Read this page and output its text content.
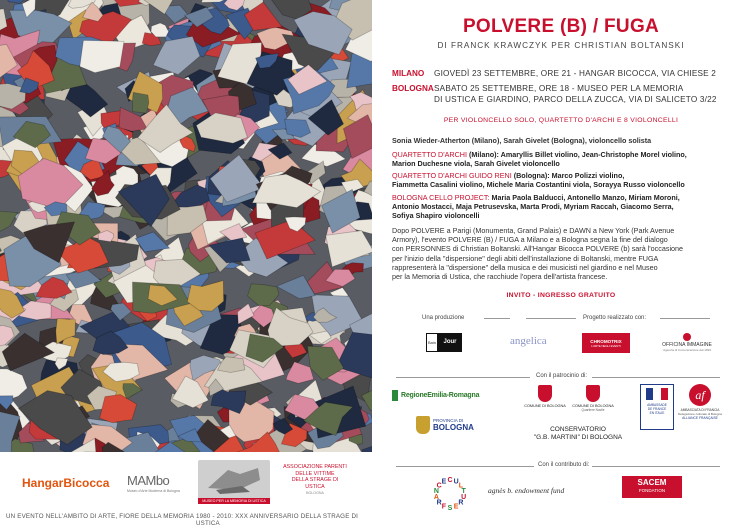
HangarBicocca MAMbo
Museo d'Arte Moderna di Bologna
MUSEO PER LA MEMORIA DI USTICA
ASSOCIAZIONE PARENTI
DELLE VITTIME
DELLA STRAGE DI USTICA
BOLOGNA
UN EVENTO NELL'AMBITO DI ARTE, FIORE DELLA MEMORIA 1980 - 2010: XXX ANNIVERSARIO DELLA STRAGE DI USTICA
POLVERE (B) / FUGA
DI FRANCK KRAWCZYK PER CHRISTIAN BOLTANSKI
MILANO GIOVEDÌ 23 SETTEMBRE, ORE 21 - HANGAR BICOCCA, VIA CHIESE 2
BOLOGNA SABATO 25 SETTEMBRE, ORE 18 - MUSEO PER LA MEMORIA
DI USTICA E GIARDINO, PARCO DELLA ZUCCA, VIA DI SALICETO 3/22
PER VIOLONCELLO SOLO, QUARTETTO D'ARCHI E 8 VIOLONCELLI
Sonia Wieder-Atherton (Milano), Sarah Givelet (Bologna), violoncello solista
QUARTETTO D'ARCHI (Milano): Amaryllis Billet violino, Jean-Christophe Morel violino,
Marion Duchesne viola, Sarah Givelet violoncello
QUARTETTO D'ARCHI GUIDO RENI (Bologna): Marco Polizzi violino,
Fiammetta Casalini violino, Michele Maria Costantini viola, Sorayya Russo violoncello
BOLOGNA CELLO PROJECT: Maria Paola Balducci, Antonello Manzo, Miriam Moroni,
Antonio Mostacci, Maja Petrusevska, Marta Prodi, Myriam Raccah, Giacomo Serra,
Sofiya Shapiro violoncelli
Dopo POLVERE a Parigi (Monumenta, Grand Palais) e DAWN a New York (Park Avenue
Armory), l'evento POLVERE (B) / FUGA a Milano e a Bologna segna la fine del dialogo
con PERSONNES di Christian Boltanski. All'Hangar Bicocca POLVERE (b) sarà l'occasione
per l'inizio della "dispersione" degli abiti dell'installazione di Boltanski, mentre FUGA
rappresenterà la "dispersione" della musica e dei musicisti nel giardino e nel Museo
per la Memoria di Ustica, che racchiude l'opera dell'artista francese.
INVITO - INGRESSO GRATUITO
Una produzione	Progetto realizzato con:
Bain	Jour	angelica	CHROMOTRIX
L'ARTE NEGLI EVENTI	OFFICINA IMMAGINE
Agenzia di Comunicazione dal 1993
Con il patrocinio di:
RegioneEmilia-Romagna
COMUNE DI BOLOGNA	COMUNE DI BOLOGNA
Quartiere Navile
AMBASSADE
DE FRANCE
EN ITALIE
af
AMBASCIATA DI FRANCIA
Delegazione culturale di Bologna
ALLIANCE FRANÇAISE
PROVINCIA DI
BOLOGNA	CONSERVATORIO
"G.B. MARTINI" DI BOLOGNA
Con il contributo di:
C U
L
T
U
R
E
S
F
R
A
N
C
E
agnès b. endowment fund
SACEM
FONDATION
